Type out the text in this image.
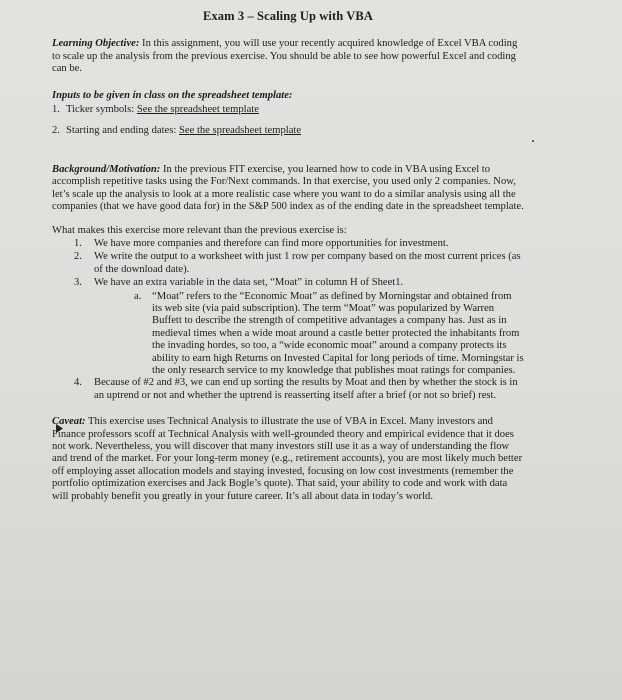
Exam 3 – Scaling Up with VBA

Learning Objective: In this assignment, you will use your recently acquired knowledge of Excel VBA coding to scale up the analysis from the previous exercise. You should be able to see how powerful Excel and coding can be.

Inputs to be given in class on the spreadsheet template:

1. Ticker symbols: See the spreadsheet template
2. Starting and ending dates: See the spreadsheet template

Background/Motivation: In the previous FIT exercise, you learned how to code in VBA using Excel to accomplish repetitive tasks using the For/Next commands. In that exercise, you used only 2 companies. Now, let’s scale up the analysis to look at a more realistic case where you want to do a similar analysis using all the companies (that we have good data for) in the S&P 500 index as of the ending date in the spreadsheet template.

What makes this exercise more relevant than the previous exercise is:

1.	We have more companies and therefore can find more opportunities for investment.
2.	We write the output to a worksheet with just 1 row per company based on the most current prices (as of the download date).
3.	We have an extra variable in the data set, “Moat” in column H of Sheet1.
a.	“Moat” refers to the “Economic Moat” as defined by Morningstar and obtained from its web site (via paid subscription). The term “Moat” was popularized by Warren Buffett to describe the strength of competitive advantages a company has. Just as in medieval times when a wide moat around a castle better protected the inhabitants from the invading hordes, so too, a “wide economic moat” around a company protects its ability to earn high Returns on Invested Capital for long periods of time. Morningstar is the only research service to my knowledge that publishes moat ratings for companies.
4.	Because of #2 and #3, we can end up sorting the results by Moat and then by whether the stock is in an uptrend or not and whether the uptrend is reasserting itself after a brief (or not so brief) rest.

Caveat: This exercise uses Technical Analysis to illustrate the use of VBA in Excel. Many investors and Finance professors scoff at Technical Analysis with well-grounded theory and empirical evidence that it does not work. Nevertheless, you will discover that many investors still use it as a way of understanding the flow and trend of the market. For your long-term money (e.g., retirement accounts), you are most likely much better off employing asset allocation models and staying invested, focusing on low cost investments (remember the portfolio optimization exercises and Jack Bogle’s quote). That said, your ability to code and work with data will probably benefit you greatly in your future career. It’s all about data in today’s world.
